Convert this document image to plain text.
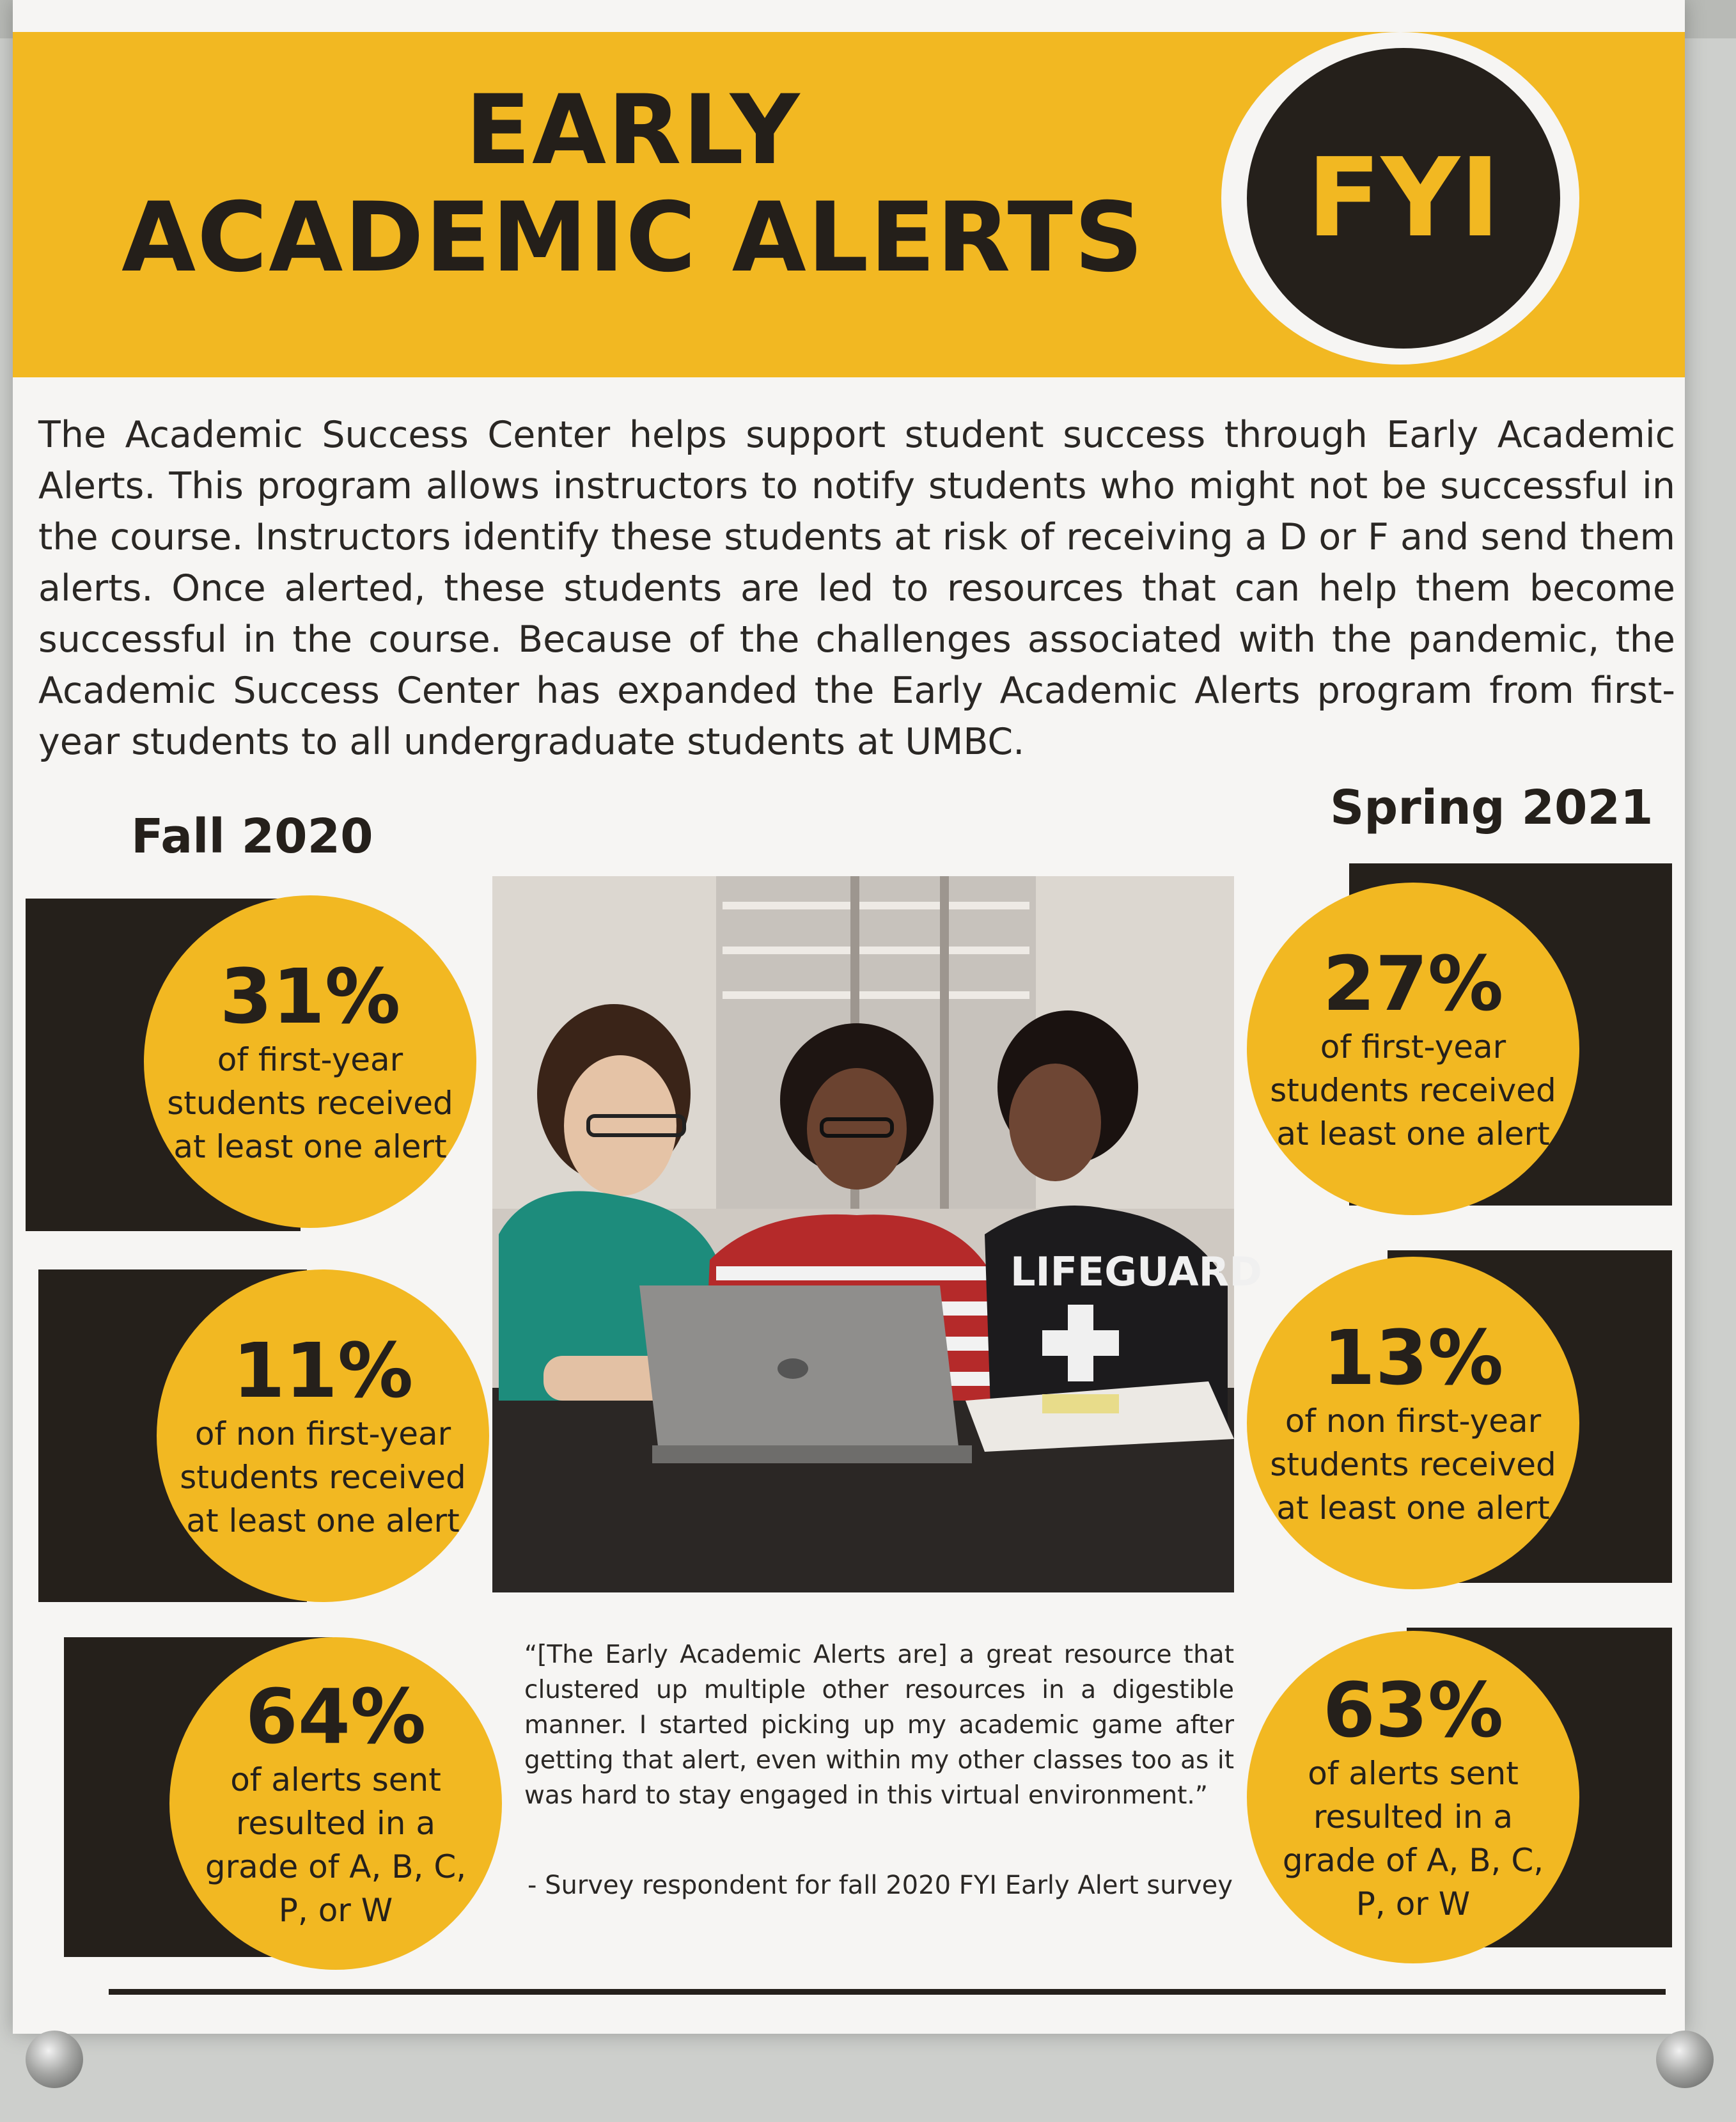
EARLY
ACADEMIC ALERTS	FYI
The Academic Success Center helps support student success through Early Academic Alerts. This program allows instructors to notify students who might not be successful in the course. Instructors identify these students at risk of receiving a D or F and send them alerts. Once alerted, these students are led to resources that can help them become successful in the course. Because of the challenges associated with the pandemic, the Academic Success Center has expanded the Early Academic Alerts program from first-year students to all undergraduate students at UMBC.
Fall 2020
Spring 2021
31%
of first-year students received at least one alert
11%
of non first-year students received at least one alert
64%
of alerts sent resulted in a grade of A, B, C, P, or W
27%
of first-year students received at least one alert
13%
of non first-year students received at least one alert
63%
of alerts sent resulted in a grade of A, B, C, P, or W
LIFEGUARD
“[The Early Academic Alerts are] a great resource that clustered up multiple other resources in a digestible manner. I started picking up my academic game after getting that alert, even within my other classes too as it was hard to stay engaged in this virtual environment.”
- Survey respondent for fall 2020 FYI Early Alert survey
